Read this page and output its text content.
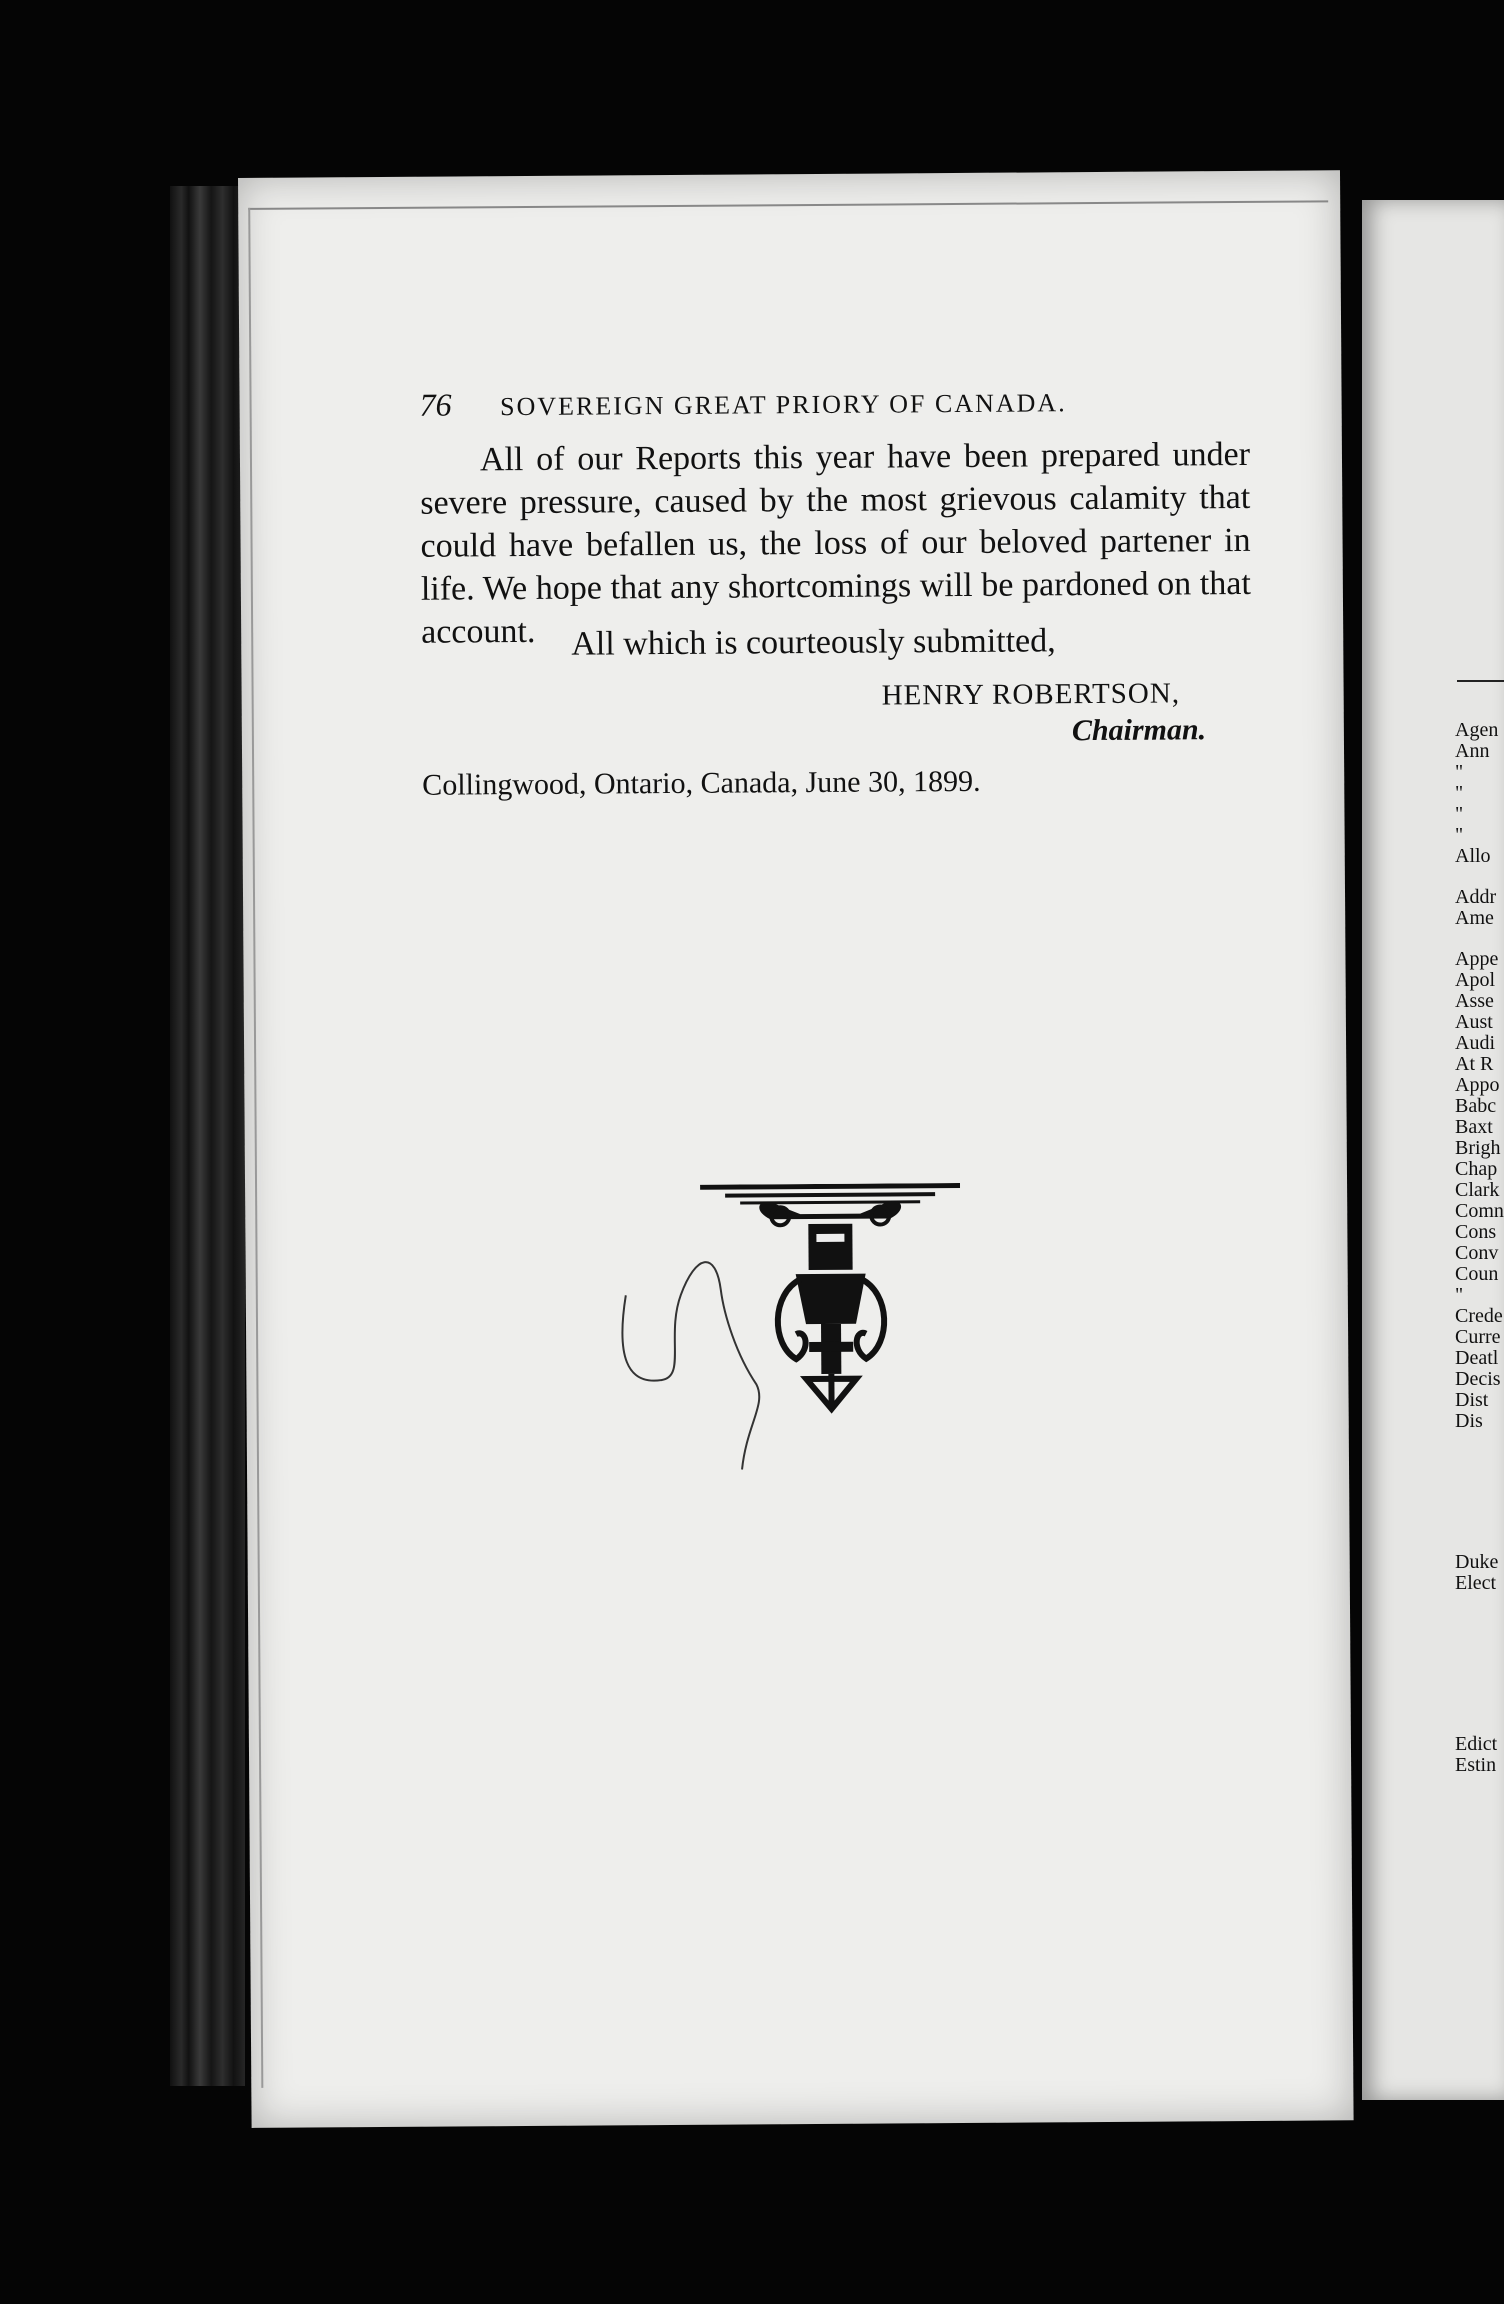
76 SOVEREIGN GREAT PRIORY OF CANADA.

All of our Reports this year have been prepared under severe pressure, caused by the most grievous calamity that could have befallen us, the loss of our beloved partener in life. We hope that any shortcomings will be pardoned on that account.	All which is courteously submitted,
HENRY ROBERTSON,
Chairman.
Collingwood, Ontario, Canada, June 30, 1899.
Agen
Ann
"
"
"
"
Allo
Addr
Ame
Appe
Apol
Asse
Aust
Audi
At R
Appo
Babc
Baxt
Brigh
Chap
Clark
Comn
Cons
Conv
Coun
"
Crede
Curre
Deatl
Decis
Dist
Dis
Duke
Elect
Edict
Estin
